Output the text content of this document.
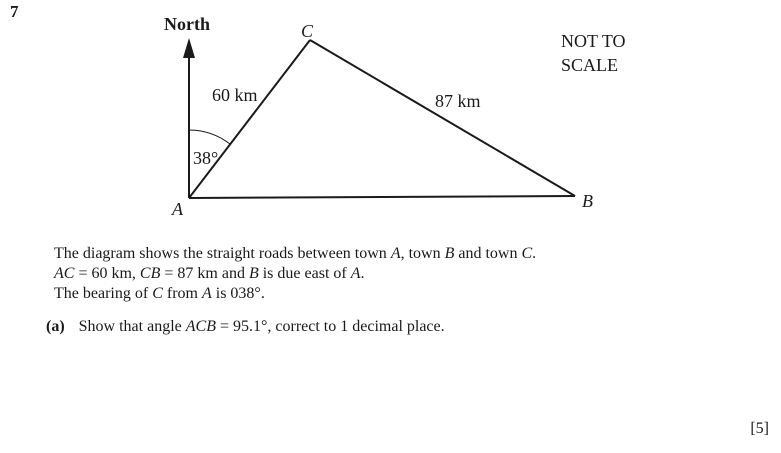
7
North	C
A	B
60 km	87 km
38°
NOT TO
SCALE

The diagram shows the straight roads between town A, town B and town C.

AC = 60 km, CB = 87 km and B is due east of A.

The bearing of C from A is 038°.

(a) Show that angle ACB = 95.1°, correct to 1 decimal place.
[5]
